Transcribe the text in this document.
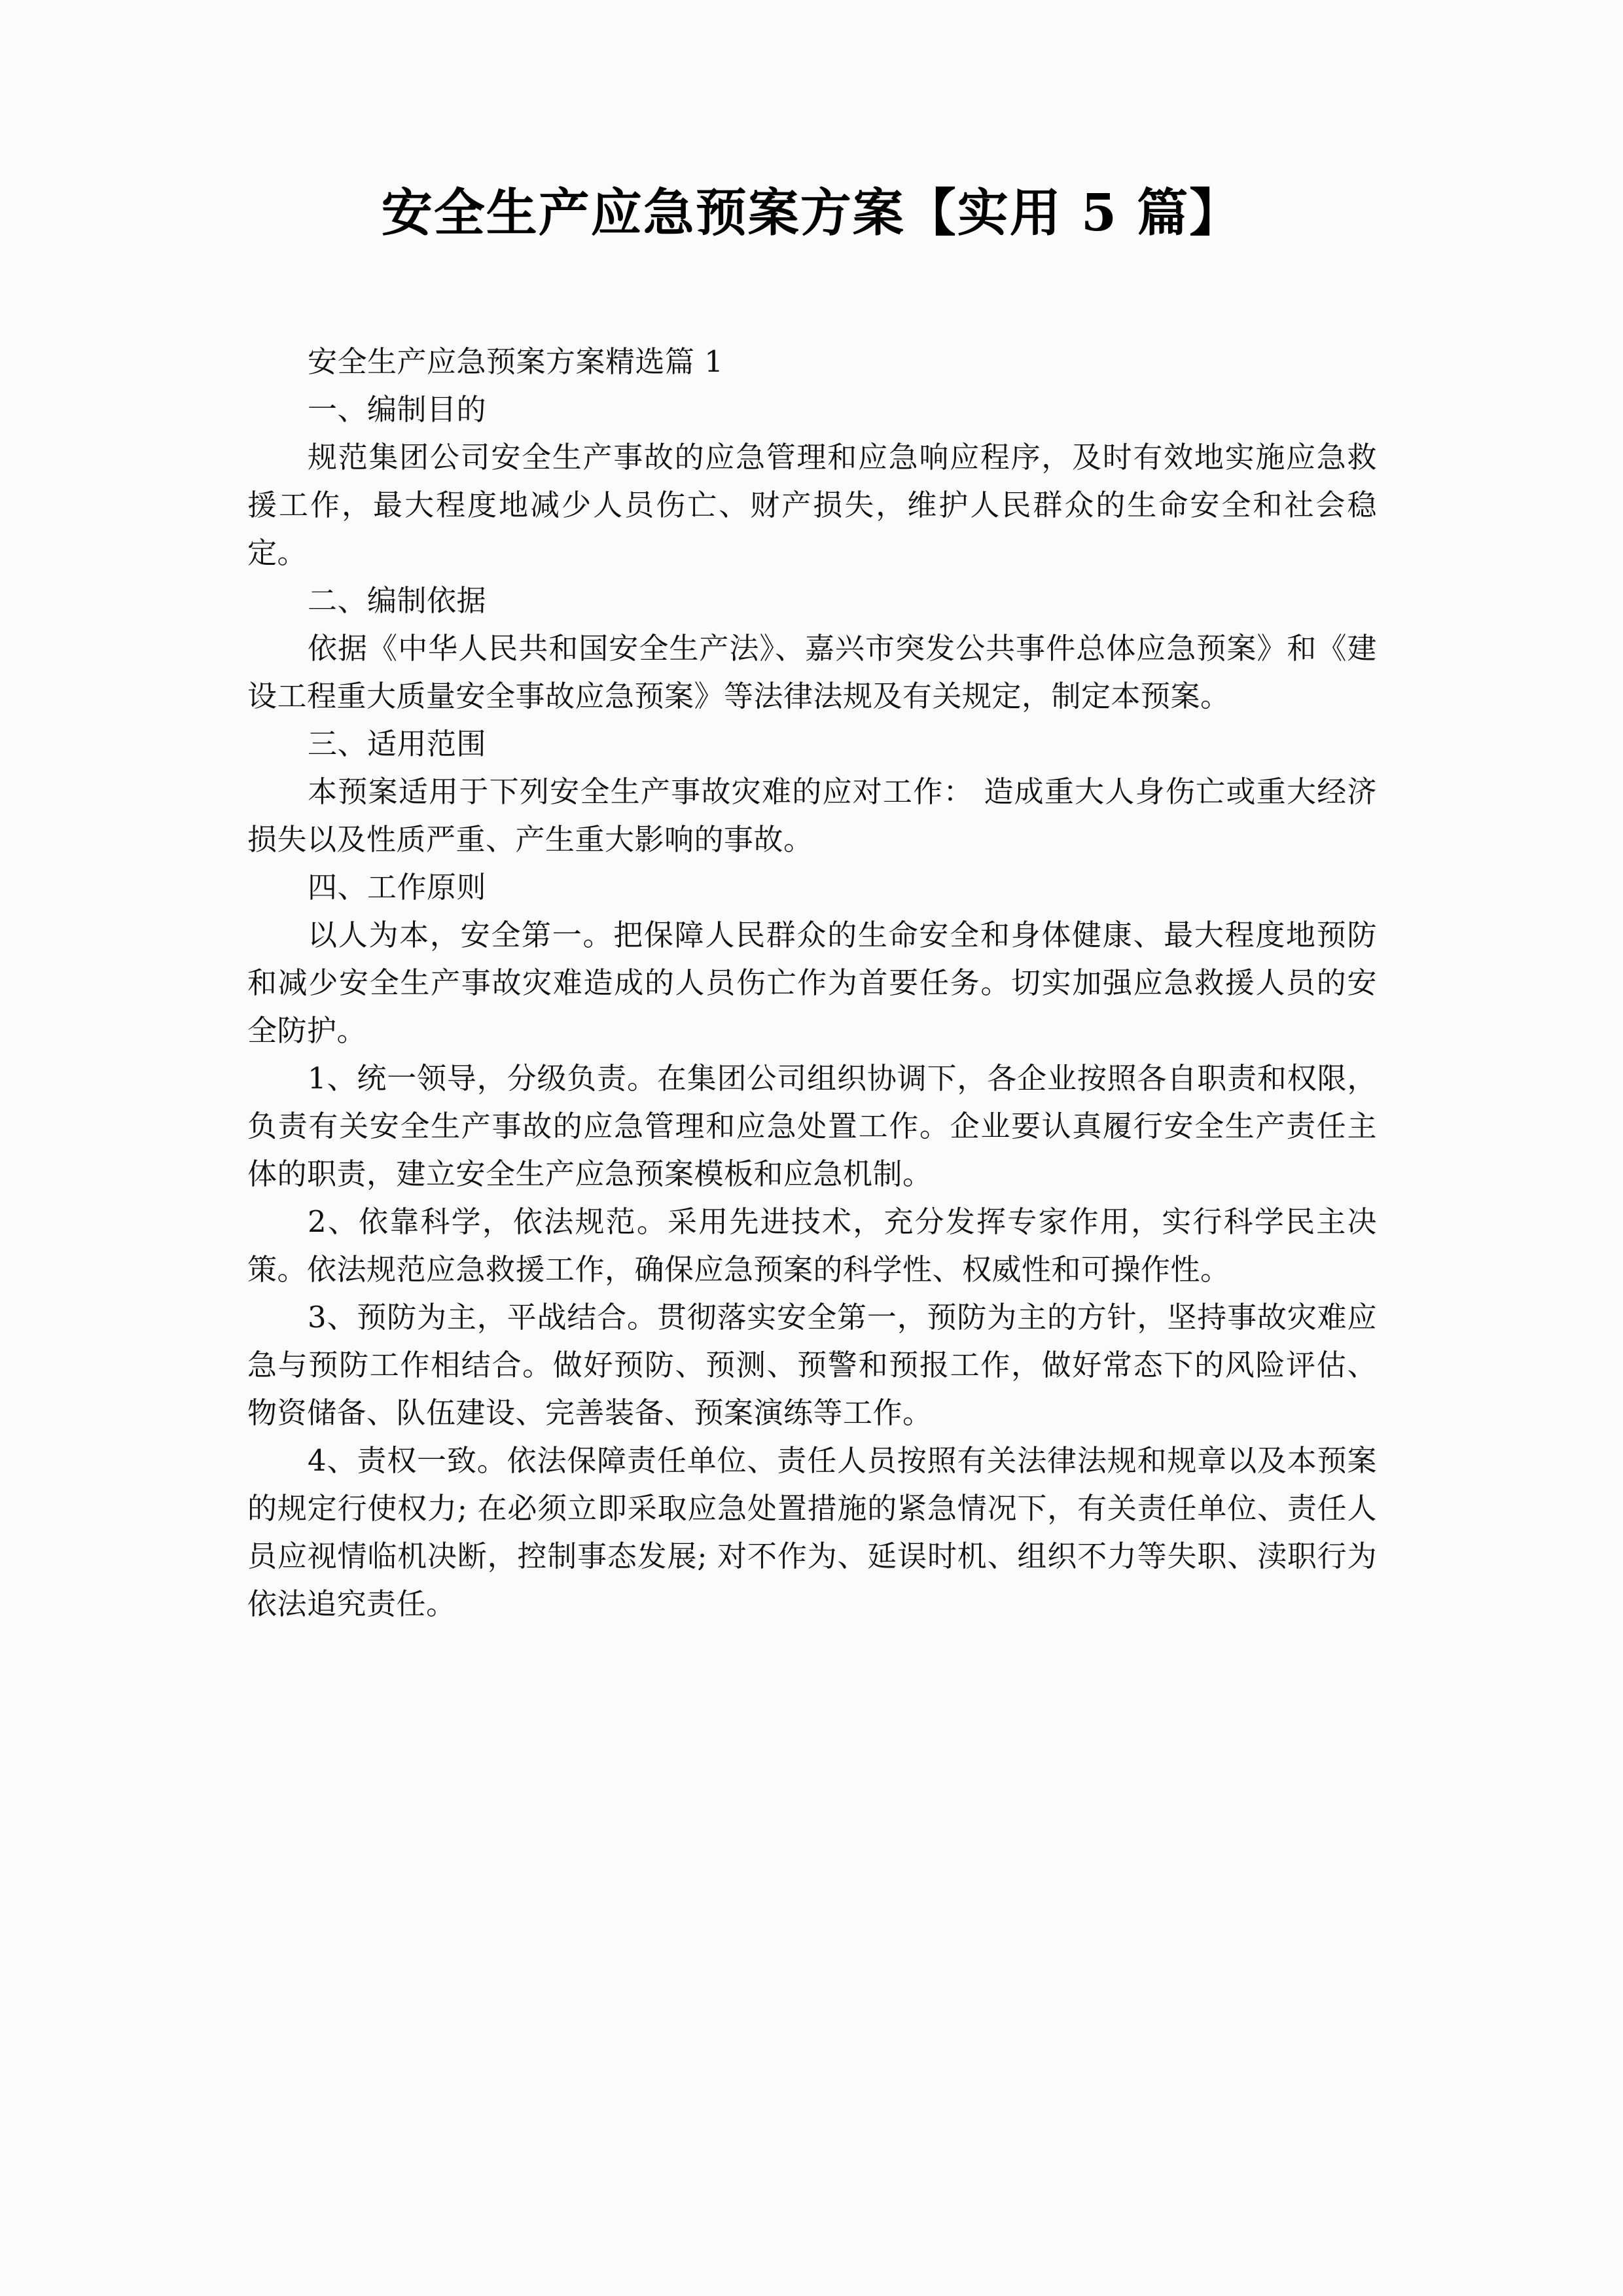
安全生产应急预案方案【实用 5 篇】

安全生产应急预案方案精选篇 1

一、编制目的

规范集团公司安全生产事故的应急管理和应急响应程序，及时有效地实施应急救援工作，最大程度地减少人员伤亡、财产损失，维护人民群众的生命安全和社会稳定。

二、编制依据

依据《中华人民共和国安全生产法》、嘉兴市突发公共事件总体应急预案》和《建设工程重大质量安全事故应急预案》等法律法规及有关规定，制定本预案。

三、适用范围

本预案适用于下列安全生产事故灾难的应对工作： 造成重大人身伤亡或重大经济损失以及性质严重、产生重大影响的事故。

四、工作原则

以人为本，安全第一。把保障人民群众的生命安全和身体健康、最大程度地预防和减少安全生产事故灾难造成的人员伤亡作为首要任务。切实加强应急救援人员的安全防护。

1、统一领导，分级负责。在集团公司组织协调下，各企业按照各自职责和权限，负责有关安全生产事故的应急管理和应急处置工作。企业要认真履行安全生产责任主体的职责，建立安全生产应急预案模板和应急机制。

2、依靠科学，依法规范。采用先进技术，充分发挥专家作用，实行科学民主决策。依法规范应急救援工作，确保应急预案的科学性、权威性和可操作性。

3、预防为主，平战结合。贯彻落实安全第一，预防为主的方针，坚持事故灾难应急与预防工作相结合。做好预防、预测、预警和预报工作，做好常态下的风险评估、物资储备、队伍建设、完善装备、预案演练等工作。

4、责权一致。依法保障责任单位、责任人员按照有关法律法规和规章以及本预案的规定行使权力; 在必须立即采取应急处置措施的紧急情况下，有关责任单位、责任人员应视情临机决断，控制事态发展; 对不作为、延误时机、组织不力等失职、渎职行为依法追究责任。
